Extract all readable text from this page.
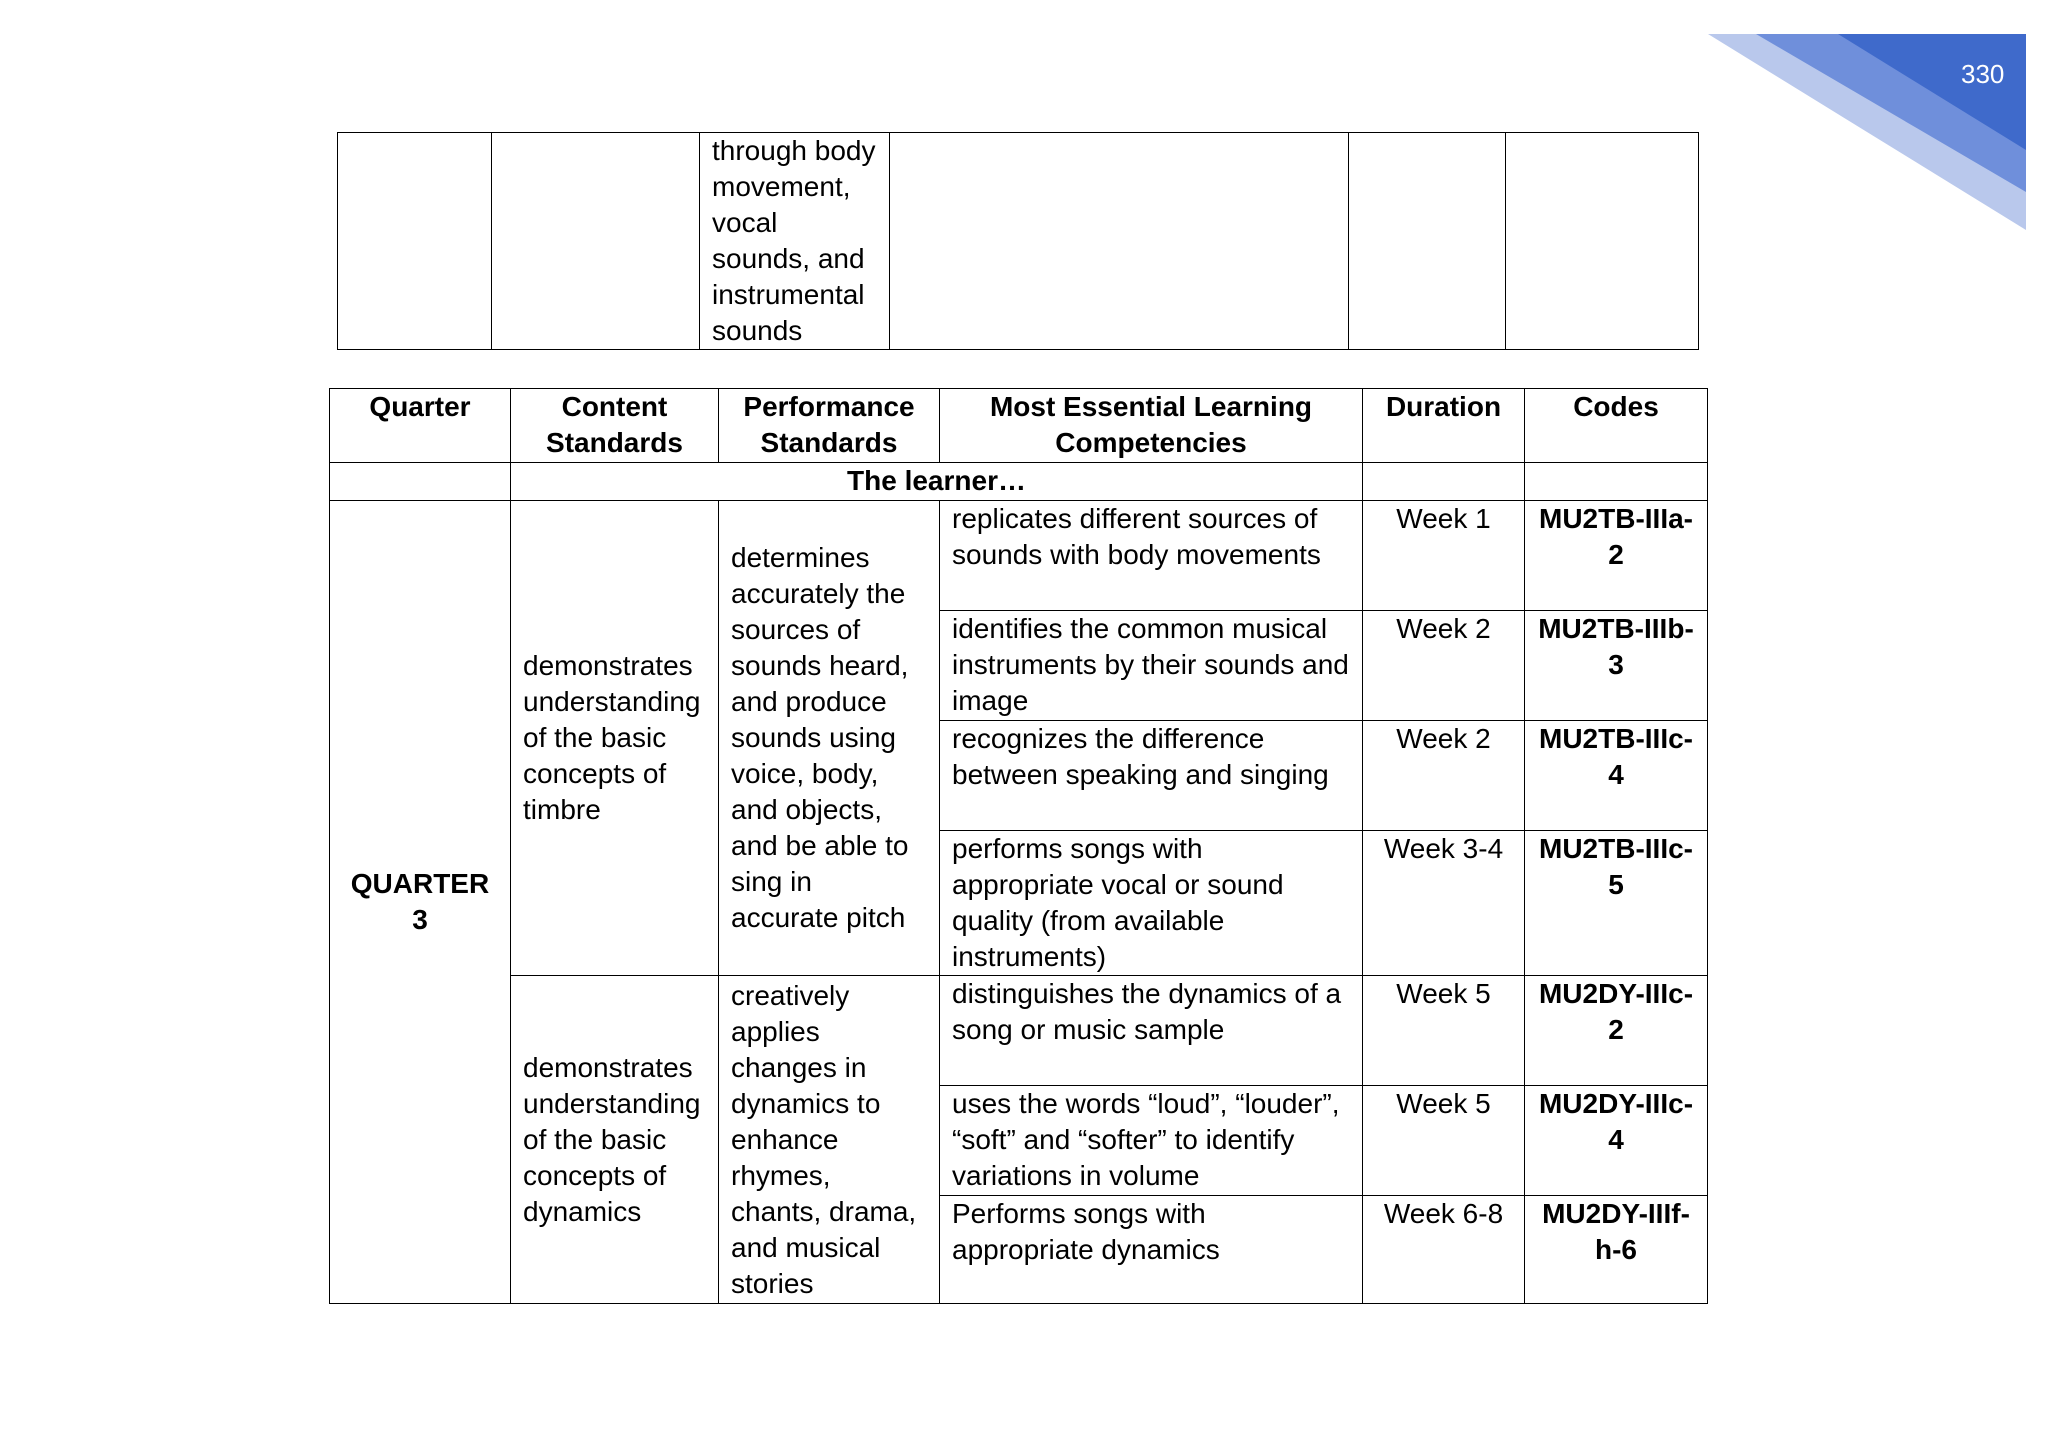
330
		through body movement, vocal sounds, and instrumental sounds			
Quarter	Content Standards	Performance Standards	Most Essential Learning Competencies	Duration	Codes
	The learner…				
QUARTER 3	demonstrates understanding of the basic concepts of timbre	determines accurately the sources of sounds heard, and produce sounds using voice, body, and objects, and be able to sing in accurate pitch	replicates different sources of sounds with body movements	Week 1	MU2TB-IIIa-2
			identifies the common musical instruments by their sounds and image	Week 2	MU2TB-IIIb-3
			recognizes the difference between speaking and singing	Week 2	MU2TB-IIIc-4
			performs songs with appropriate vocal or sound quality (from available instruments)	Week 3-4	MU2TB-IIIc-5
	demonstrates understanding of the basic concepts of dynamics	creatively applies changes in dynamics to enhance rhymes, chants, drama, and musical stories	distinguishes the dynamics of a song or music sample	Week 5	MU2DY-IIIc-2
			uses the words “loud”, “louder”, “soft” and “softer” to identify variations in volume	Week 5	MU2DY-IIIc-4
			Performs songs with appropriate dynamics	Week 6-8	MU2DY-IIIf-h-6
